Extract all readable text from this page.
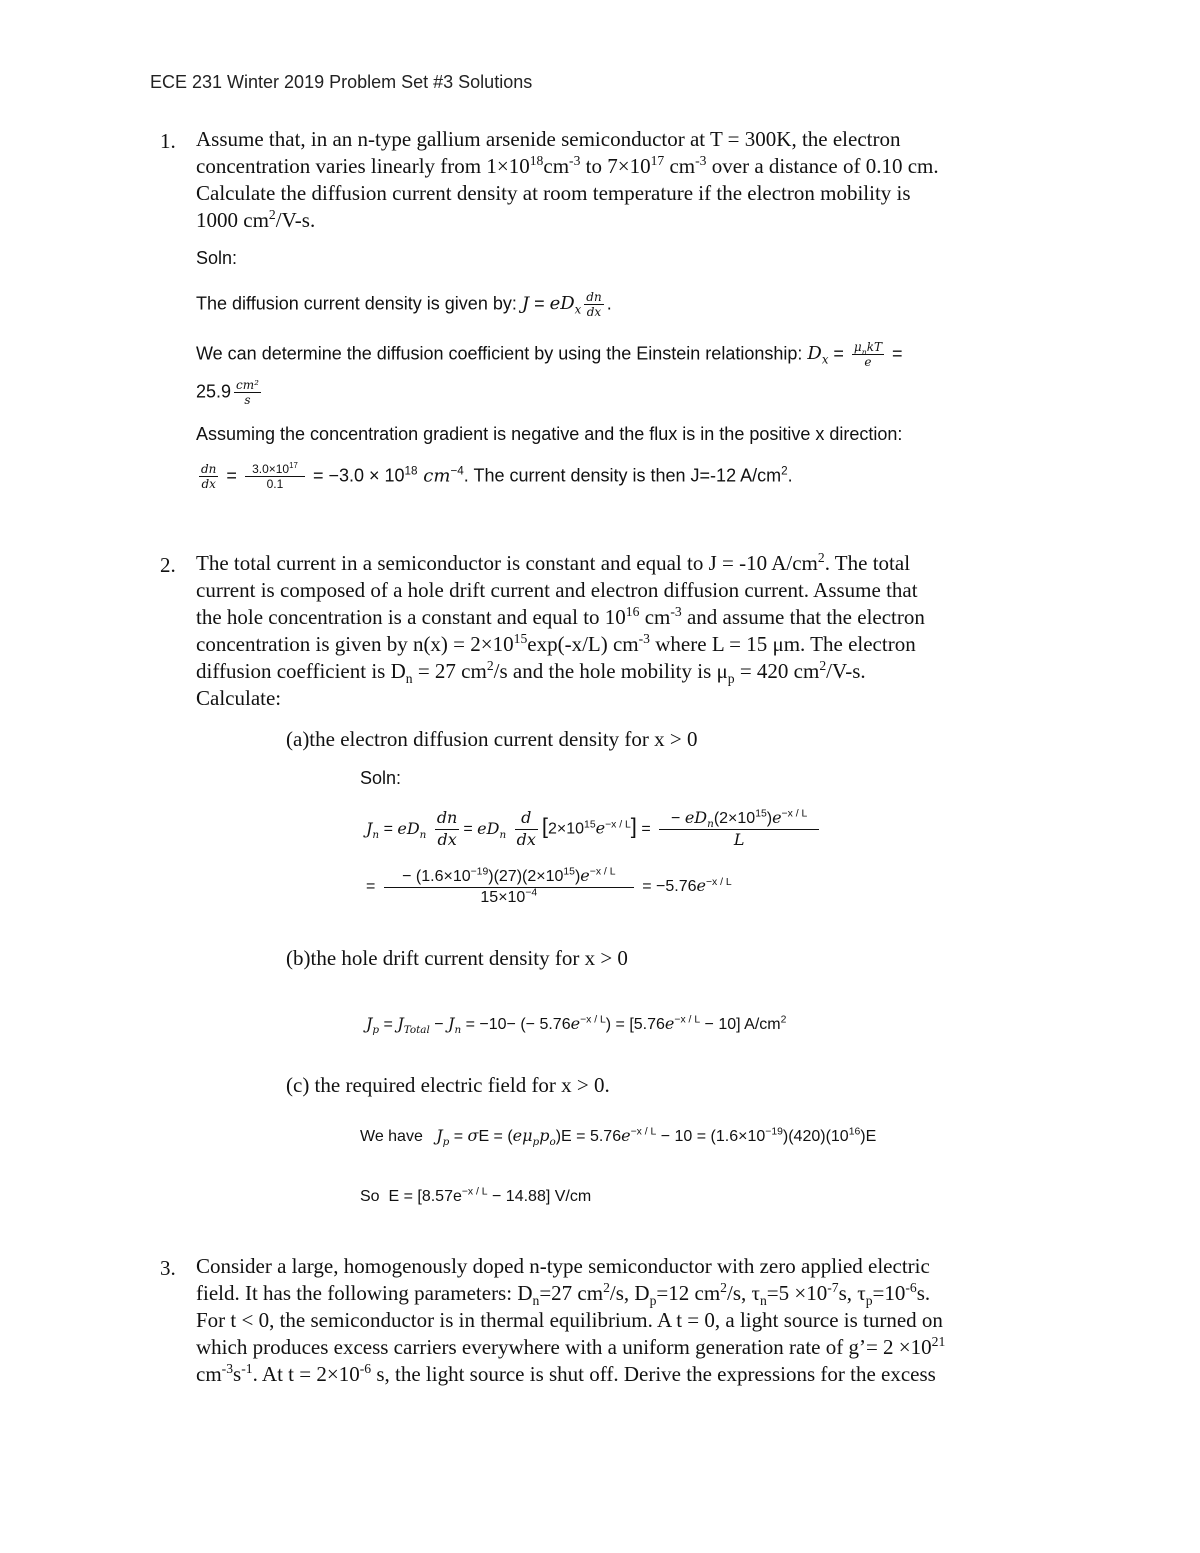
ECE 231 Winter 2019 Problem Set #3 Solutions
1. Assume that, in an n-type gallium arsenide semiconductor at T = 300K, the electron
concentration varies linearly from $1\times 10^{18}cm^{-3}$ to $7\times 10^{17}$ $cm^{-3}$ over a distance of 0.10 cm.
Calculate the diffusion current density at room temperature if the electron mobility is
1000 $cm^2/V-s$.
Soln:
The diffusion current density is given by: $J = eD_x \frac{dn}{dx}$ .
We can determine the diffusion coefficient by using the Einstein relationship: $D_x = \frac{\mu_nkT}{e}$ =
$25.9 \frac{\text{cm²}}{s}$
Assuming the concentration gradient is negative and the flux is in the positive x direction:
$\frac{dn}{dx} = \frac{3.0\times 10^{17}}{0.1} = -3.0 \times 10^{18}$ $cm^{-4}$. The current density is then J=-12 $A/cm^2$.
2. The total current in a semiconductor is constant and equal to J = -10 $A/cm^2$. The total
current is composed of a hole drift current and electron diffusion current. Assume that
the hole concentration is a constant and equal to $10^{16}$ $cm^{-3}$ and assume that the electron
concentration is given by $n(x) = 2\times 10^{15}\exp(-x/L)$ $cm^{-3}$ where L = 15 μm. The electron
diffusion coefficient is $D_n = 27$ $cm^2/s$ and the hole mobility is $\mu_p = 420$ $cm^2/V-s$.
Calculate:
(a)the electron diffusion current density for x > 0
Soln:
$J_n = eD_n \frac{dn}{dx} = eD_n \frac{d}{dx} [2\times 10^{15}e^{-x / L}]$ =
− $eD_n(2\times 10^{15})e^{-x / L}$
L
= $\frac{- (1.6\times 10^{-19})(27)(2\times 10^{15})e^{-x / L}}{15\times 10^{-4}} = -5.76e^{-x / L}$
(b)the hole drift current density for x > 0
$J_p = J_{Total} - J_n = -10-$ (− $5.76e^{-x / L}) = [5.76e^{-x / L} - 10]$ $A/cm^2$
(c) the required electric field for x > 0.
We have $J_p = \sigma E = (e\mu_pp_o)E = 5.76e^{-x / L} - 10 = (1.6\times 10^{-19})(420)(10^{16})E$
So $E = [8.57e^{-x / L} - 14.88]$ V/cm
3. Consider a large, homogenously doped n-type semiconductor with zero applied electric
field. It has the following parameters: $D_n=27$ $cm^2/s$, $D_p=12$ $cm^2/s$, $\tau_n=5 \times 10^{-7}s$, $\tau_p=10^{-6}s$.
For t < 0, the semiconductor is in thermal equilibrium. A t = 0, a light source is turned on
which produces excess carriers everywhere with a uniform generation rate of g’= $2 \times 10^{21}$
$cm^{-3}s^{-1}$. At $t = 2\times 10^{-6}$ s, the light source is shut off. Derive the expressions for the excess
